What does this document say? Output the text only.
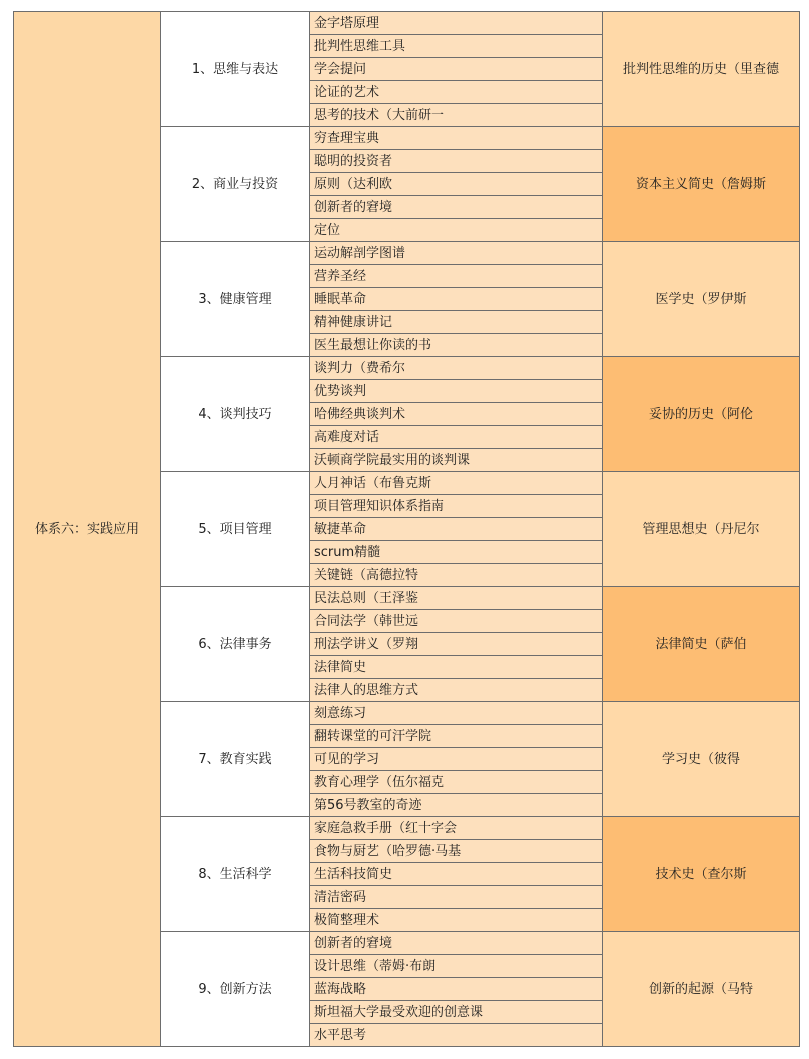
体系六：实践应用	1、思维与表达	金字塔原理	批判性思维的历史（里查德
		批判性思维工具	
		学会提问	
		论证的艺术	
		思考的技术（大前研一	
	2、商业与投资	穷查理宝典	资本主义简史（詹姆斯
		聪明的投资者	
		原则（达利欧	
		创新者的窘境	
		定位	
	3、健康管理	运动解剖学图谱	医学史（罗伊斯
		营养圣经	
		睡眠革命	
		精神健康讲记	
		医生最想让你读的书	
	4、谈判技巧	谈判力（费希尔	妥协的历史（阿伦
		优势谈判	
		哈佛经典谈判术	
		高难度对话	
		沃顿商学院最实用的谈判课	
	5、项目管理	人月神话（布鲁克斯	管理思想史（丹尼尔
		项目管理知识体系指南	
		敏捷革命	
		scrum精髓	
		关键链（高德拉特	
	6、法律事务	民法总则（王泽鉴	法律简史（萨伯
		合同法学（韩世远	
		刑法学讲义（罗翔	
		法律简史	
		法律人的思维方式	
	7、教育实践	刻意练习	学习史（彼得
		翻转课堂的可汗学院	
		可见的学习	
		教育心理学（伍尔福克	
		第56号教室的奇迹	
	8、生活科学	家庭急救手册（红十字会	技术史（查尔斯
		食物与厨艺（哈罗德·马基	
		生活科技简史	
		清洁密码	
		极简整理术	
	9、创新方法	创新者的窘境	创新的起源（马特
		设计思维（蒂姆·布朗	
		蓝海战略	
		斯坦福大学最受欢迎的创意课	
		水平思考	
